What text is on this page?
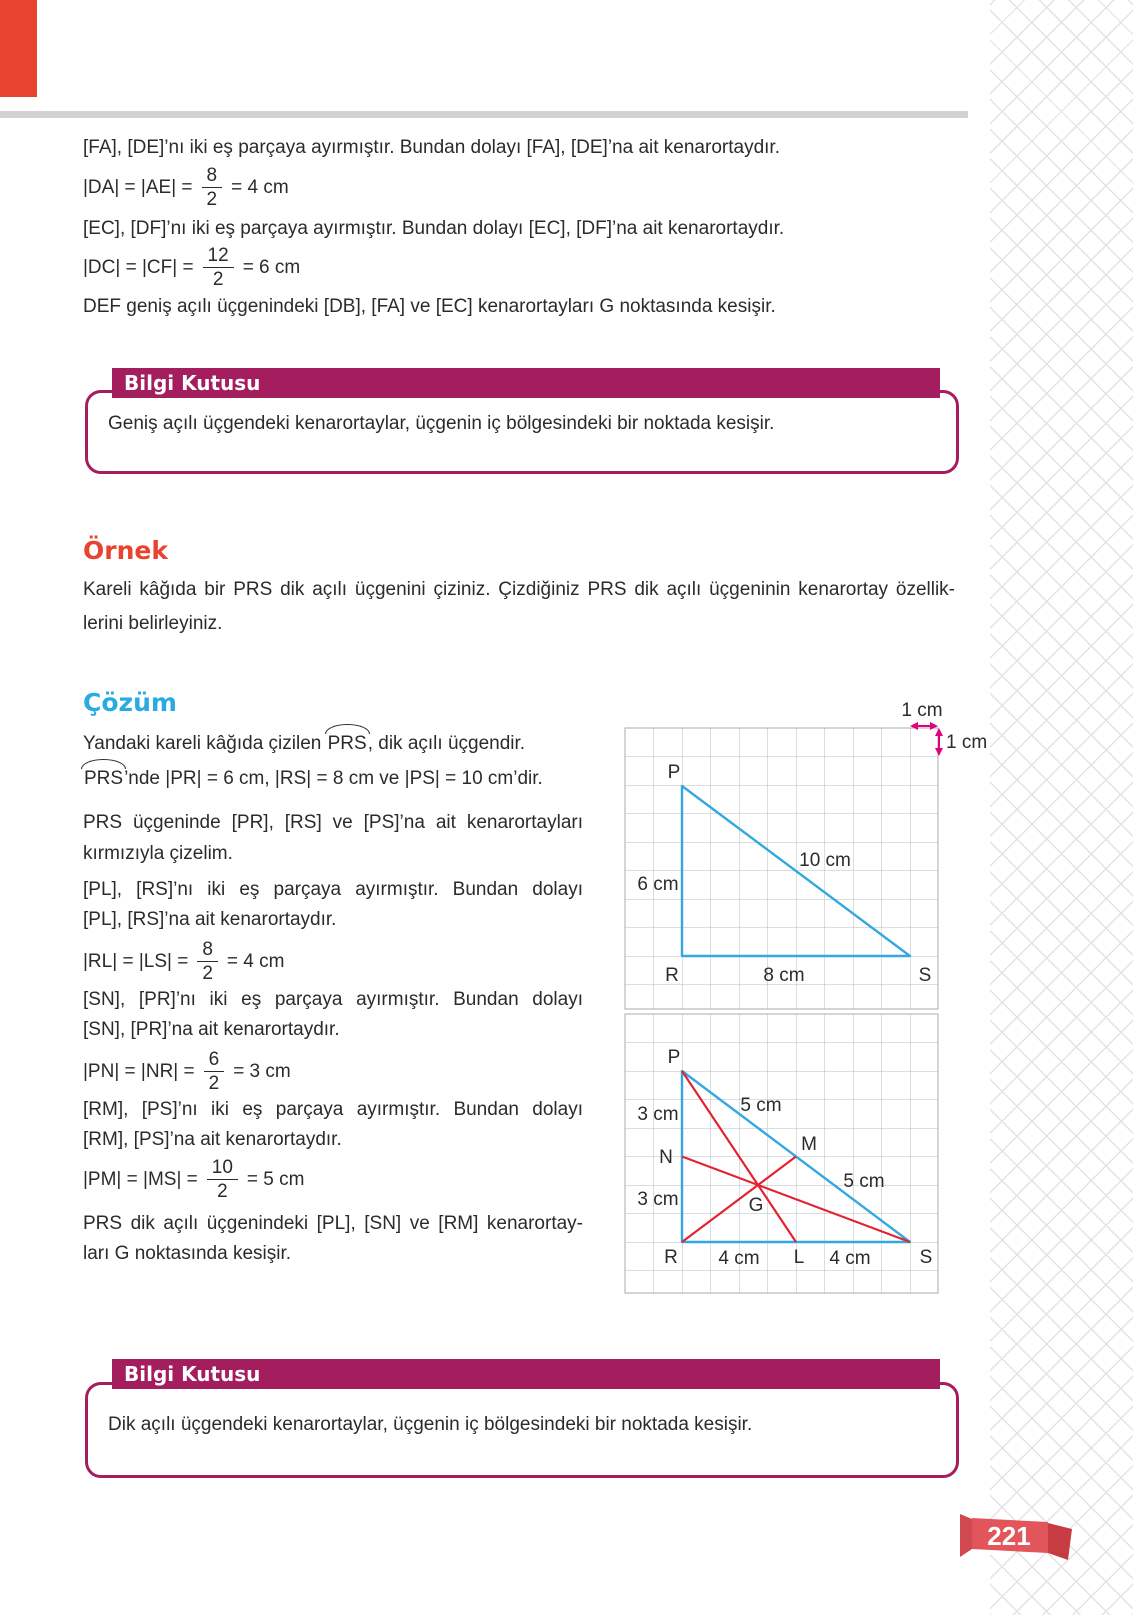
[FA], [DE]’nı iki eş parçaya ayırmıştır. Bundan dolayı [FA], [DE]’na ait kenarortaydır.
$|DA| = |AE| = \frac{8}{2} = 4$ cm
[EC], [DF]’nı iki eş parçaya ayırmıştır. Bundan dolayı [EC], [DF]’na ait kenarortaydır.
$|DC| = |CF| = \frac{12}{2} = 6$ cm
DEF geniş açılı üçgenindeki [DB], [FA] ve [EC] kenarortayları G noktasında kesişir.
Bilgi Kutusu
Geniş açılı üçgendeki kenarortaylar, üçgenin iç bölgesindeki bir noktada kesişir.
Örnek
Kareli kâğıda bir PRS dik açılı üçgenini çiziniz. Çizdiğiniz PRS dik açılı üçgeninin kenarortay özellik-
lerini belirleyiniz.
Çözüm
Yandaki kareli kâğıda çizilen PRS, dik açılı üçgendir.
PRS’nde |PR| = 6 cm, |RS| = 8 cm ve |PS| = 10 cm’dir.
PRS üçgeninde [PR], [RS] ve [PS]’na ait kenarortayları
kırmızıyla çizelim.
[PL], [RS]’nı iki eş parçaya ayırmıştır. Bundan dolayı
[PL], [RS]’na ait kenarortaydır.
$|RL| = |LS| = \frac{8}{2} = 4$ cm
[SN], [PR]’nı iki eş parçaya ayırmıştır. Bundan dolayı
[SN], [PR]’na ait kenarortaydır.
$|PN| = |NR| = \frac{6}{2} = 3$ cm
[RM], [PS]’nı iki eş parçaya ayırmıştır. Bundan dolayı
[RM], [PS]’na ait kenarortaydır.
$|PM| = |MS| = \frac{10}{2} = 5$ cm
PRS dik açılı üçgenindeki [PL], [SN] ve [RM] kenarortay-
ları G noktasında kesişir.
1 cm
1 cm
P
R	S
6 cm
8 cm
10 cm
P
3 cm
N
3 cm
R 4 cm L 4 cm	S
5 cm
M
5 cm
G
Bilgi Kutusu
Dik açılı üçgendeki kenarortaylar, üçgenin iç bölgesindeki bir noktada kesişir.
221
